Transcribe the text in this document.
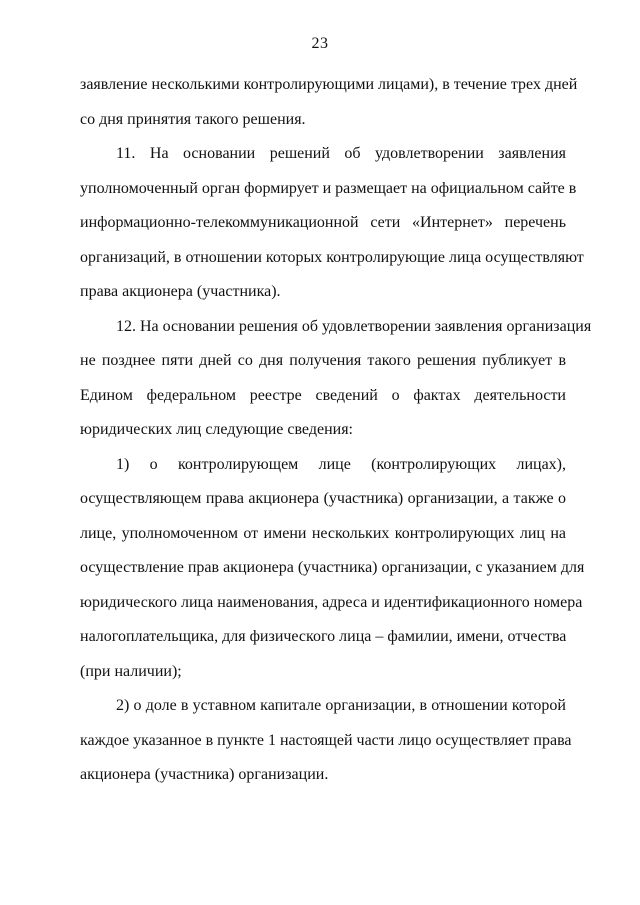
23
заявление несколькими контролирующими лицами), в течение трех дней
со дня принятия такого решения.
11. На основании решений об удовлетворении заявления
уполномоченный орган формирует и размещает на официальном сайте в
информационно-телекоммуникационной сети «Интернет» перечень
организаций, в отношении которых контролирующие лица осуществляют
права акционера (участника).
12. На основании решения об удовлетворении заявления организация
не позднее пяти дней со дня получения такого решения публикует в
Едином федеральном реестре сведений о фактах деятельности
юридических лиц следующие сведения:
1) о контролирующем лице (контролирующих лицах),
осуществляющем права акционера (участника) организации, а также о
лице, уполномоченном от имени нескольких контролирующих лиц на
осуществление прав акционера (участника) организации, с указанием для
юридического лица наименования, адреса и идентификационного номера
налогоплательщика, для физического лица – фамилии, имени, отчества
(при наличии);
2) о доле в уставном капитале организации, в отношении которой
каждое указанное в пункте 1 настоящей части лицо осуществляет права
акционера (участника) организации.
